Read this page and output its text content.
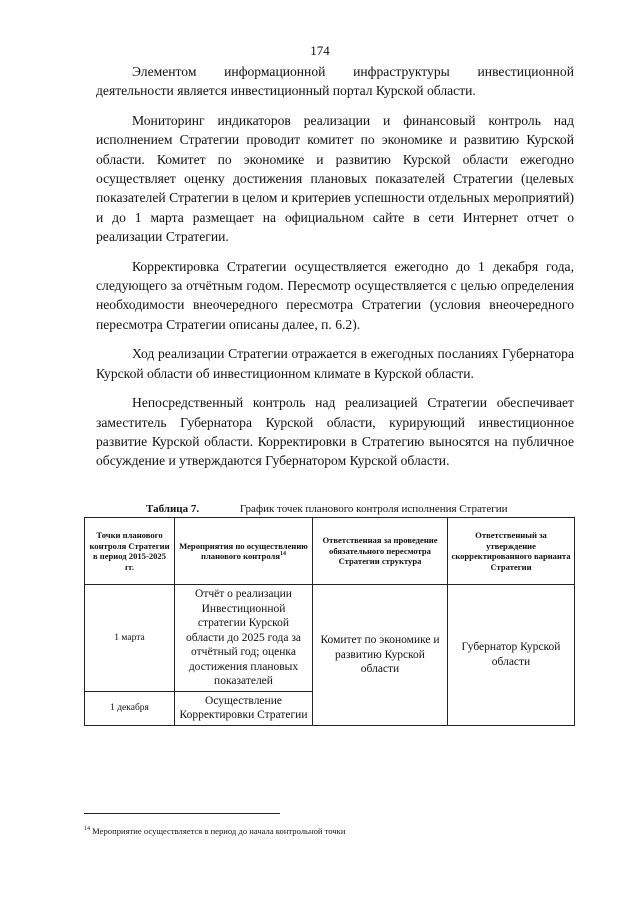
174

Элементом информационной инфраструктуры инвестиционной деятельности является инвестиционный портал Курской области.

Мониторинг индикаторов реализации и финансовый контроль над исполнением Стратегии проводит комитет по экономике и развитию Курской области. Комитет по экономике и развитию Курской области ежегодно осуществляет оценку достижения плановых показателей Стратегии (целевых показателей Стратегии в целом и критериев успешности отдельных мероприятий) и до 1 марта размещает на официальном сайте в сети Интернет отчет о реализации Стратегии.

Корректировка Стратегии осуществляется ежегодно до 1 декабря года, следующего за отчётным годом. Пересмотр осуществляется с целью определения необходимости внеочередного пересмотра Стратегии (условия внеочередного пересмотра Стратегии описаны далее, п. 6.2).

Ход реализации Стратегии отражается в ежегодных посланиях Губернатора Курской области об инвестиционном климате в Курской области.

Непосредственный контроль над реализацией Стратегии обеспечивает заместитель Губернатора Курской области, курирующий инвестиционное развитие Курской области. Корректировки в Стратегию выносятся на публичное обсуждение и утверждаются Губернатором Курской области.

Таблица 7.	График точек планового контроля исполнения Стратегии
Точки планового контроля Стратегии в период 2015-2025 гг.	Мероприятия по осуществлению планового контроля$^{14}$	Ответственная за проведение обязательного пересмотра Стратегии структура	Ответственный за утверждение скорректированного варианта Стратегии
1 марта	Отчёт о реализации Инвестиционной стратегии Курской области до 2025 года за отчётный год; оценка достижения плановых показателей	Комитет по экономике и развитию Курской области	Губернатор Курской области
1 декабря	Осуществление Корректировки Стратегии		
$^{14}$ Мероприятие осуществляется в период до начала контрольной точки
